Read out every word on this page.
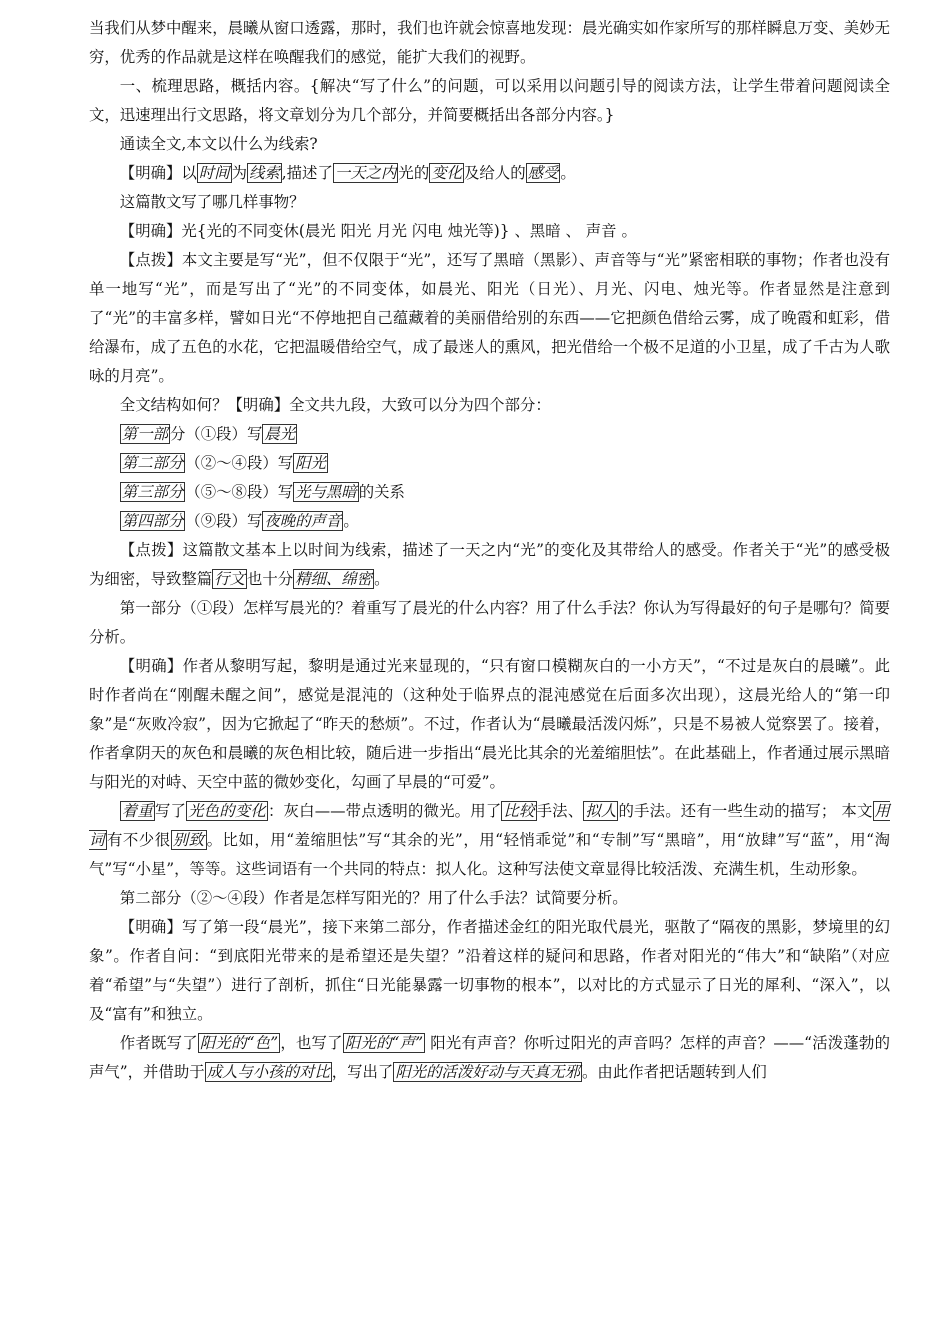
当我们从梦中醒来，晨曦从窗口透露，那时，我们也许就会惊喜地发现：晨光确实如作家所写的那样瞬息万变、美妙无穷，优秀的作品就是这样在唤醒我们的感觉，能扩大我们的视野。

一、梳理思路，概括内容。{解决“写了什么”的问题，可以采用以问题引导的阅读方法，让学生带着问题阅读全文，迅速理出行文思路，将文章划分为几个部分，并简要概括出各部分内容。}

通读全文,本文以什么为线索?

【明确】以 时间 为 线索 ,描述了 一天之内 光的 变化 及给人的 感受 。

这篇散文写了哪几样事物？

【明确】光{光的不同变休(晨光 阳光 月光 闪电 烛光等)} 、黑暗 、 声音 。

【点拨】本文主要是写“光”，但不仅限于“光”，还写了黑暗（黑影）、声音等与“光”紧密相联的事物；作者也没有单一地写“光”，而是写出了“光”的不同变体，如晨光、阳光（日光）、月光、闪电、烛光等。作者显然是注意到了“光”的丰富多样，譬如日光“不停地把自己蕴藏着的美丽借给别的东西——它把颜色借给云雾，成了晚霞和虹彩，借给瀑布，成了五色的水花，它把温暖借给空气，成了最迷人的熏风，把光借给一个极不足道的小卫星，成了千古为人歌咏的月亮”。

全文结构如何？【明确】全文共九段，大致可以分为四个部分：

第一部 分（①段）写 晨光

第二部分 （②～④段）写 阳光

第三部分 （⑤～⑧段）写 光与黑暗 的关系

第四部分 （⑨段）写 夜晚的声音 。

【点拨】这篇散文基本上以时间为线索，描述了一天之内“光”的变化及其带给人的感受。作者关于“光”的感受极为细密，导致整篇 行文 也十分 精细、绵密 。

第一部分（①段）怎样写晨光的？着重写了晨光的什么内容？用了什么手法？你认为写得最好的句子是哪句？简要分析。

【明确】作者从黎明写起，黎明是通过光来显现的，“只有窗口模糊灰白的一小方天”，“不过是灰白的晨曦”。此时作者尚在“刚醒未醒之间”，感觉是混沌的（这种处于临界点的混沌感觉在后面多次出现），这晨光给人的“第一印象”是“灰败冷寂”，因为它掀起了“昨天的愁烦”。不过，作者认为“晨曦最活泼闪烁”，只是不易被人觉察罢了。接着，作者拿阴天的灰色和晨曦的灰色相比较，随后进一步指出“晨光比其余的光羞缩胆怯”。在此基础上，作者通过展示黑暗与阳光的对峙、天空中蓝的微妙变化，勾画了早晨的“可爱”。

着重 写了 光色的变化 ：灰白——带点透明的微光。用了 比较 手法、 拟人 的手法。还有一些生动的描写； 本文 用词 有不少很 别致 。比如，用“羞缩胆怯”写“其余的光”，用“轻悄乖觉”和“专制”写“黑暗”，用“放肆”写“蓝”，用“淘气”写“小星”，等等。这些词语有一个共同的特点：拟人化。这种写法使文章显得比较活泼、充满生机，生动形象。

第二部分（②～④段）作者是怎样写阳光的？用了什么手法？试简要分析。

【明确】写了第一段“晨光”，接下来第二部分，作者描述金红的阳光取代晨光，驱散了“隔夜的黑影，梦境里的幻象”。作者自问：“到底阳光带来的是希望还是失望？”沿着这样的疑问和思路，作者对阳光的“伟大”和“缺陷”（对应着“希望”与“失望”）进行了剖析，抓住“日光能暴露一切事物的根本”，以对比的方式显示了日光的犀利、“深入”，以及“富有”和独立。

作者既写了 阳光的“色” ，也写了 阳光的“声” 阳光有声音？你听过阳光的声音吗？怎样的声音？——“活泼蓬勃的声气”，并借助于 成人与小孩的对比 ，写出了 阳光的活泼好动与天真无邪 。由此作者把话题转到人们
